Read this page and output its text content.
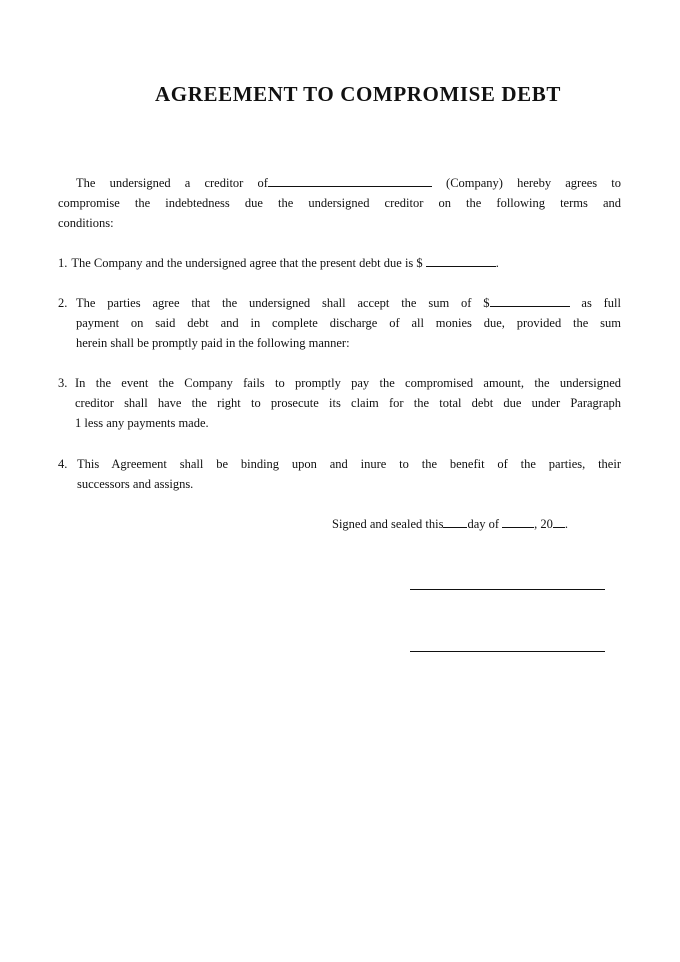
AGREEMENT TO COMPROMISE DEBT
The undersigned a creditor of	(Company) hereby agrees to
compromise the indebtedness due the undersigned creditor on the following terms and
conditions:
1. The Company and the undersigned agree that the present debt due is $	.
2. The parties agree that the undersigned shall accept the sum of $	as full
payment on said debt and in complete discharge of all monies due, provided the sum
herein shall be promptly paid in the following manner:
3. In the event the Company fails to promptly pay the compromised amount, the undersigned
creditor shall have the right to prosecute its claim for the total debt due under Paragraph
1 less any payments made.
4. This Agreement shall be binding upon and inure to the benefit of the parties, their
successors and assigns.
Signed and sealed this day of	, 20 .
